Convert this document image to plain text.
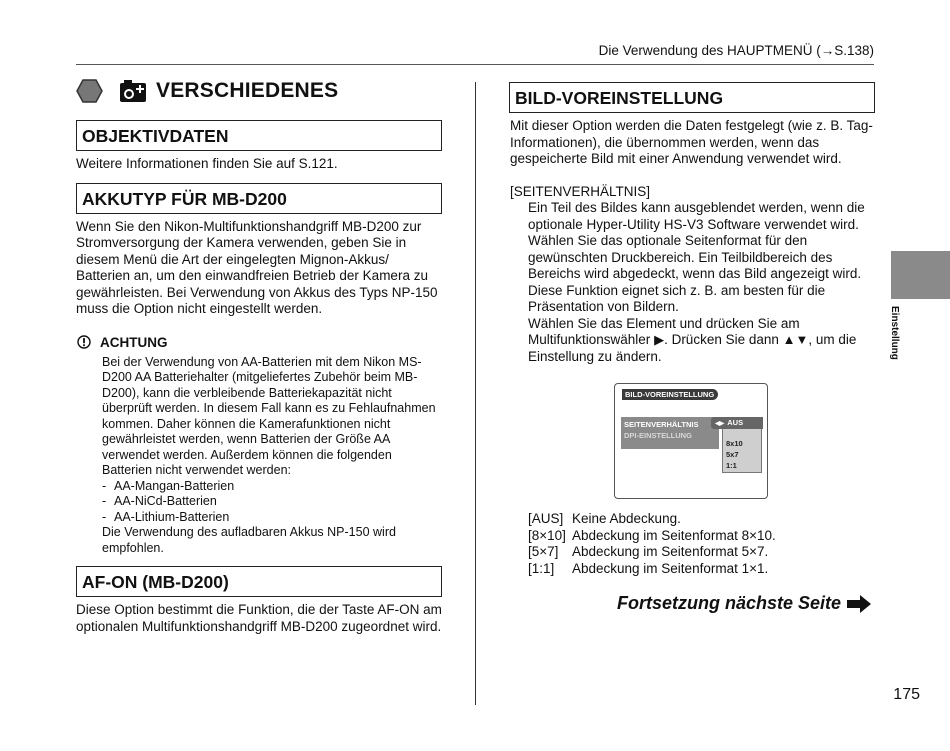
Die Verwendung des HAUPTMENÜ (→S.138)
VERSCHIEDENES
OBJEKTIVDATEN

Weitere Informationen finden Sie auf S.121.

AKKUTYP FÜR MB-D200

Wenn Sie den Nikon-Multifunktionshandgriff MB-D200 zur Stromversorgung der Kamera verwenden, geben Sie in diesem Menü die Art der eingelegten Mignon-Akkus/ Batterien an, um den einwandfreien Betrieb der Kamera zu gewährleisten. Bei Verwendung von Akkus des Typs NP-150 muss die Option nicht eingestellt werden.

ACHTUNG
Bei der Verwendung von AA-Batterien mit dem Nikon MS-D200 AA Batteriehalter (mitgeliefertes Zubehör beim MB-D200), kann die verbleibende Batteriekapazität nicht überprüft werden. In diesem Fall kann es zu Fehlaufnahmen kommen. Daher können die Kamerafunktionen nicht gewährleistet werden, wenn Batterien der Größe AA verwendet werden. Außerdem können die folgenden Batterien nicht verwendet werden:
- AA-Mangan-Batterien
- AA-NiCd-Batterien
- AA-Lithium-Batterien
Die Verwendung des aufladbaren Akkus NP-150 wird empfohlen.
AF-ON (MB-D200)

Diese Option bestimmt die Funktion, die der Taste AF-ON am optionalen Multifunktionshandgriff MB-D200 zugeordnet wird.

BILD-VOREINSTELLUNG

Mit dieser Option werden die Daten festgelegt (wie z. B. Tag-Informationen), die übernommen werden, wenn das gespeicherte Bild mit einer Anwendung verwendet wird.

[SEITENVERHÄLTNIS]
Ein Teil des Bildes kann ausgeblendet werden, wenn die optionale Hyper-Utility HS-V3 Software verwendet wird. Wählen Sie das optionale Seitenformat für den gewünschten Druckbereich. Ein Teilbildbereich des Bereichs wird abgedeckt, wenn das Bild angezeigt wird. Diese Funktion eignet sich z. B. am besten für die Präsentation von Bildern.
Wählen Sie das Element und drücken Sie am Multifunktionswähler ▶. Drücken Sie dann ▲▼, um die Einstellung zu ändern.
BILD-VOREINSTELLUNG
SEITENVERHÄLTNIS
DPI-EINSTELLUNG
8x10
5x7
1:1
◀▶ AUS
[AUS] Keine Abdeckung.
[8×10] Abdeckung im Seitenformat 8×10.
[5×7]	Abdeckung im Seitenformat 5×7.
[1:1]	Abdeckung im Seitenformat 1×1.
Fortsetzung nächste Seite
Einstellung
175
